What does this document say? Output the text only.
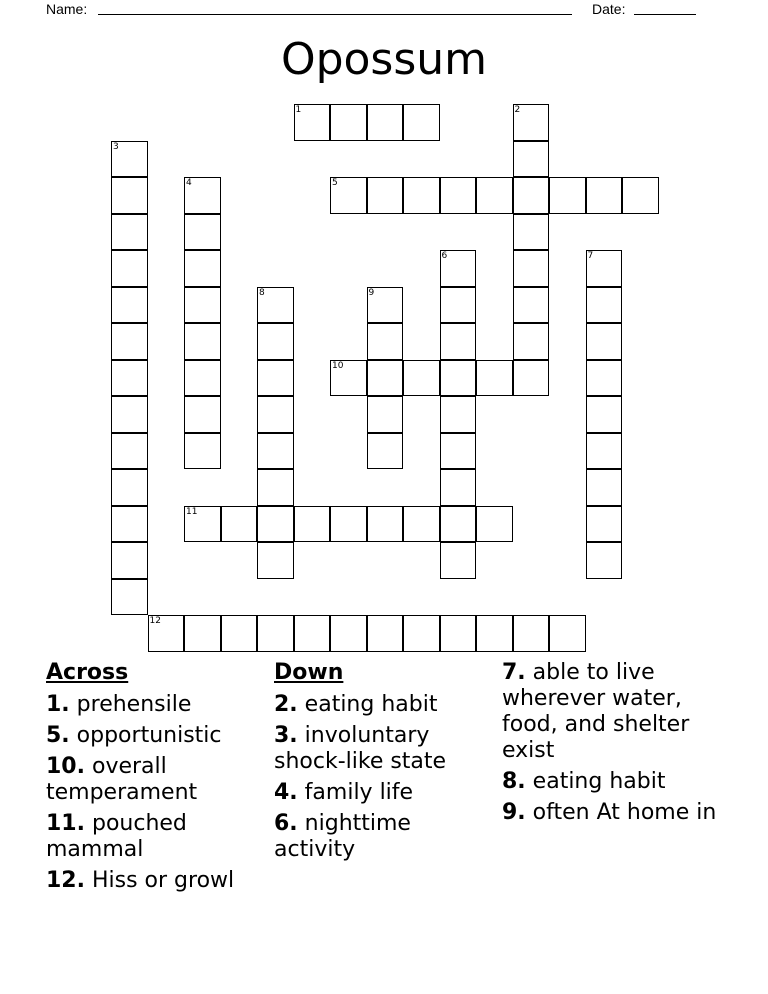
Name:	Date:
Opossum
1	2
3
4	5
6	7
8	9
10
11
12
Across
1. prehensile
5. opportunistic
10. overall temperament
11. pouched mammal
12. Hiss or growl
Down
2. eating habit
3. involuntary shock-like state
4. family life
6. nighttime activity
7. able to live wherever water, food, and shelter exist
8. eating habit
9. often At home in
